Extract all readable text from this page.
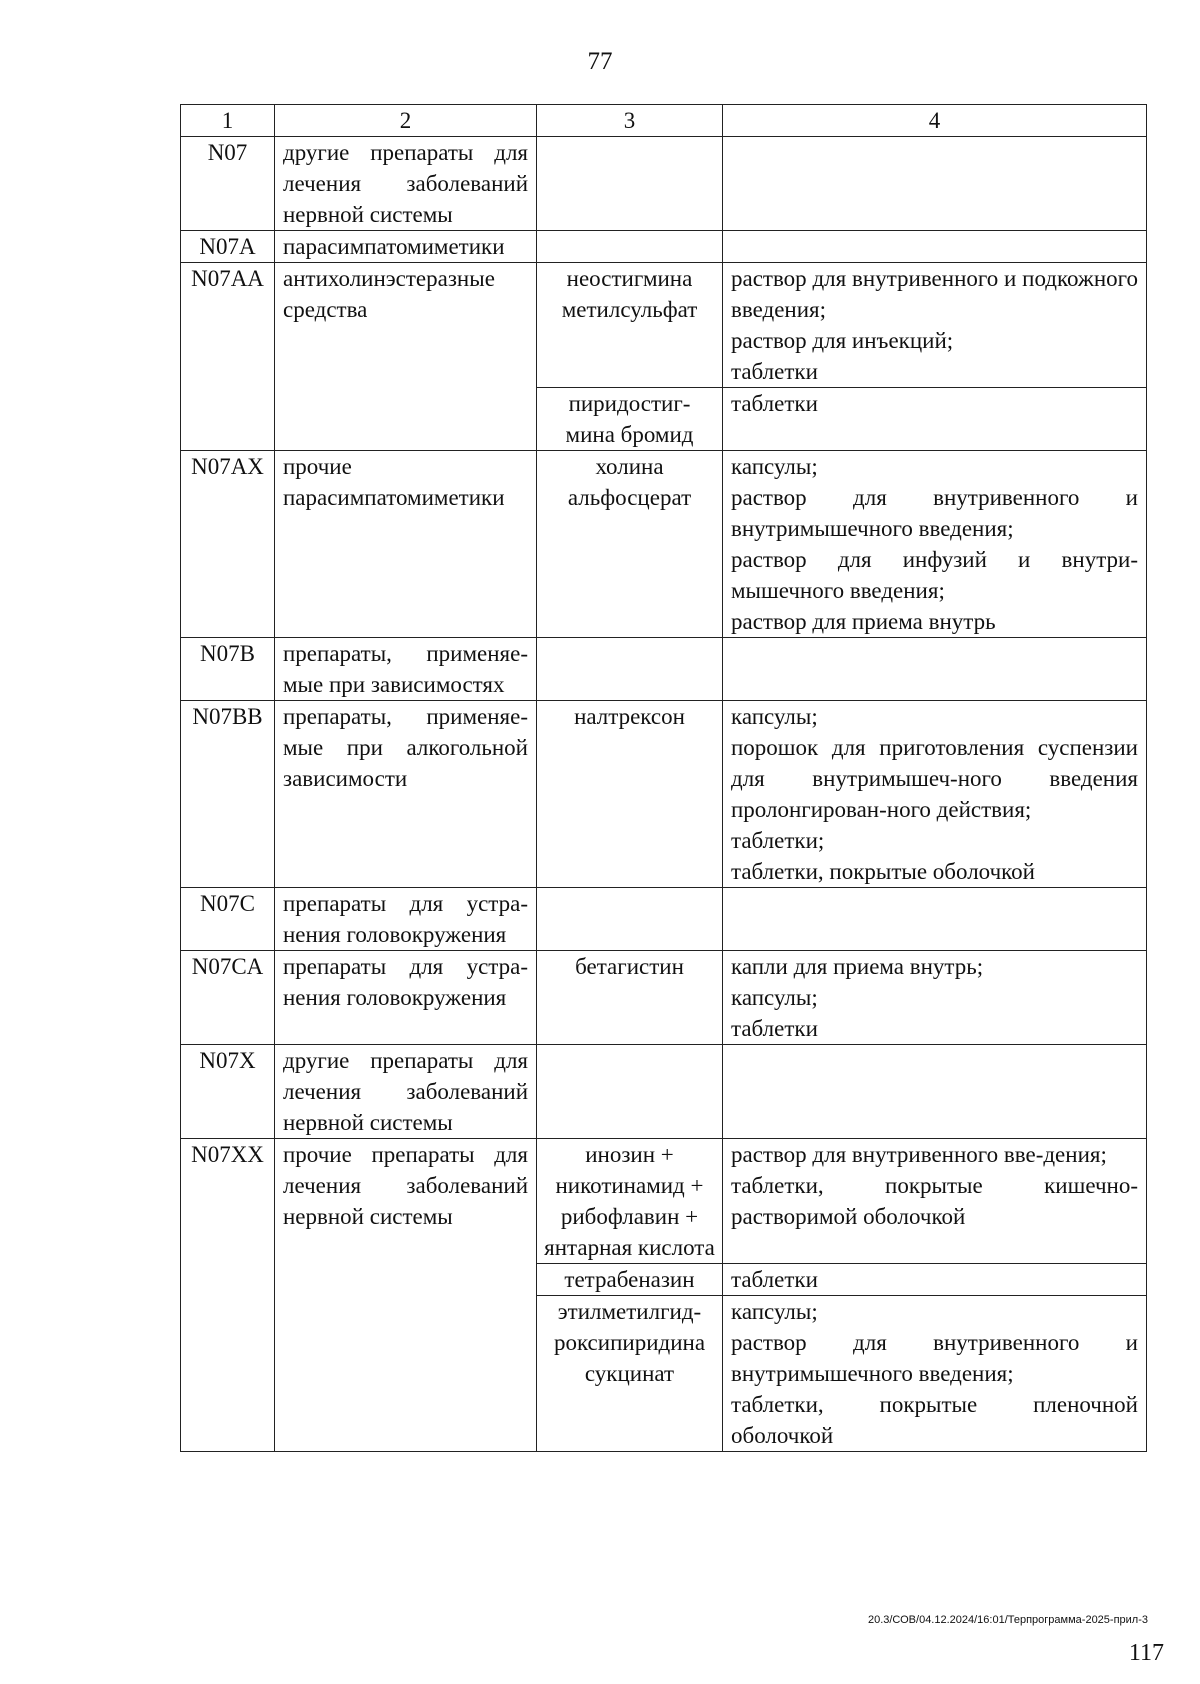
77
1	2	3	4
N07	другие препараты для лечения заболеваний нервной системы		
N07A	парасимпатомиметики		
N07AA	антихолинэстеразные средства	неостигмина метилсульфат	раствор для внутривенного и подкожного введения;
раствор для инъекций;
таблетки

		пиридостиг-мина бромид	таблетки

N07AX	прочие парасимпатомиметики	холина альфосцерат	капсулы;
раствор для внутривенного и внутримышечного введения;
раствор для инфузий и внутри-мышечного введения;
раствор для приема внутрь

N07B	препараты, применяе-мые при зависимостях		
N07BB	препараты, применяе-мые при алкогольной зависимости	налтрексон	капсулы;
порошок для приготовления суспензии для внутримышеч-ного введения пролонгирован-ного действия;
таблетки;
таблетки, покрытые оболочкой

N07C	препараты для устра-нения головокружения		
N07CA	препараты для устра-нения головокружения	бетагистин	капли для приема внутрь;
капсулы;
таблетки

N07X	другие препараты для лечения заболеваний нервной системы		
N07XX	прочие препараты для лечения заболеваний нервной системы	инозин +
никотинамид +
рибофлавин +
янтарная кислота	раствор для внутривенного вве-дения;
таблетки, покрытые кишечно-растворимой оболочкой

		тетрабеназин	таблетки

		этилметилгид-роксипиридина сукцинат	капсулы;
раствор для внутривенного и внутримышечного введения;
таблетки, покрытые пленочной оболочкой
20.3/СОВ/04.12.2024/16:01/Терпрограмма-2025-прил-3
117
